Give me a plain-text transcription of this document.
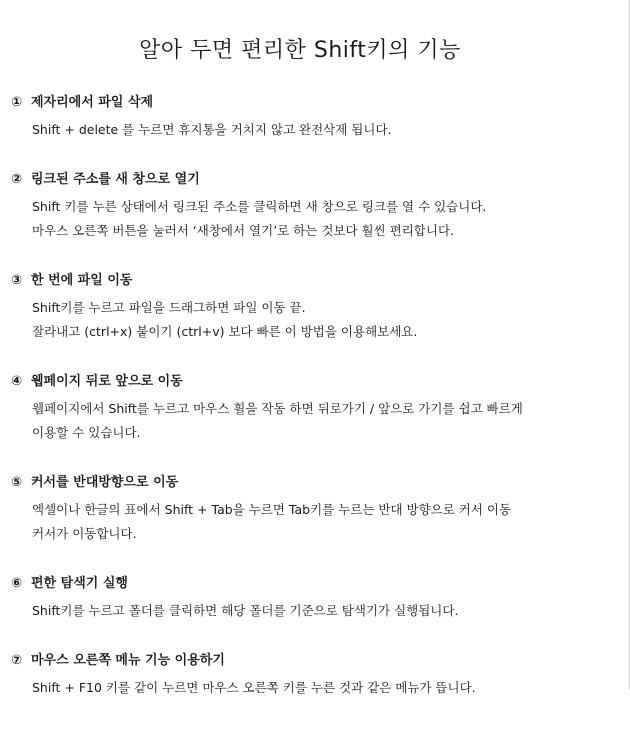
알아 두면 편리한 Shift키의 기능

① 제자리에서 파일 삭제

Shift + delete 를 누르면 휴지통을 거치지 않고 완전삭제 됩니다.

② 링크된 주소를 새 창으로 열기

Shift 키를 누른 상태에서 링크된 주소를 클릭하면 새 창으로 링크를 열 수 있습니다.

마우스 오른쪽 버튼을 눌러서 ‘새창에서 열기’로 하는 것보다 훨씬 편리합니다.

③ 한 번에 파일 이동

Shift키를 누르고 파일을 드래그하면 파일 이동 끝.

잘라내고 (ctrl+x) 붙이기 (ctrl+v) 보다 빠른 이 방법을 이용해보세요.

④ 웹페이지 뒤로 앞으로 이동

웹페이지에서 Shift를 누르고 마우스 휠을 작동 하면 뒤로가기 / 앞으로 가기를 쉽고 빠르게

이용할 수 있습니다.

⑤ 커서를 반대방향으로 이동

엑셀이나 한글의 표에서 Shift + Tab을 누르면 Tab키를 누르는 반대 방향으로 커서 이동

커서가 이동합니다.

⑥ 편한 탐색기 실행

Shift키를 누르고 폴더를 클릭하면 해당 폴더를 기준으로 탐색기가 실행됩니다.

⑦ 마우스 오른쪽 메뉴 기능 이용하기

Shift + F10 키를 같이 누르면 마우스 오른쪽 키를 누른 것과 같은 메뉴가 뜹니다.
